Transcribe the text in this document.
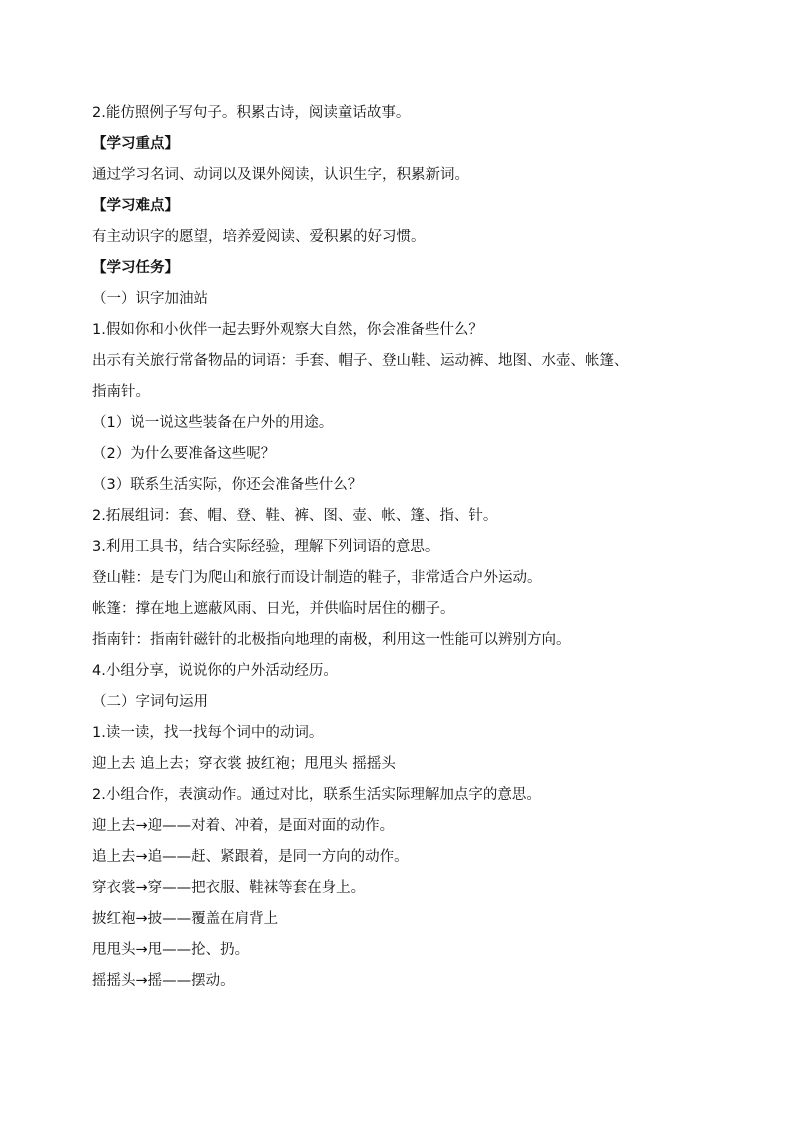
2.能仿照例子写句子。积累古诗，阅读童话故事。
【学习重点】
通过学习名词、动词以及课外阅读，认识生字，积累新词。
【学习难点】
有主动识字的愿望，培养爱阅读、爱积累的好习惯。
【学习任务】
（一）识字加油站
1.假如你和小伙伴一起去野外观察大自然，你会准备些什么？
出示有关旅行常备物品的词语：手套、帽子、登山鞋、运动裤、地图、水壶、帐篷、
指南针。
（1）说一说这些装备在户外的用途。
（2）为什么要准备这些呢？
（3）联系生活实际，你还会准备些什么？
2.拓展组词：套、帽、登、鞋、裤、图、壶、帐、篷、指、针。
3.利用工具书，结合实际经验，理解下列词语的意思。
登山鞋：是专门为爬山和旅行而设计制造的鞋子，非常适合户外运动。
帐篷：撑在地上遮蔽风雨、日光，并供临时居住的棚子。
指南针：指南针磁针的北极指向地理的南极，利用这一性能可以辨别方向。
4.小组分享，说说你的户外活动经历。
（二）字词句运用
1.读一读，找一找每个词中的动词。
迎上去 追上去；穿衣裳 披红袍；甩甩头 摇摇头
2.小组合作，表演动作。通过对比，联系生活实际理解加点字的意思。
迎上去→迎——对着、冲着，是面对面的动作。
追上去→追——赶、紧跟着，是同一方向的动作。
穿衣裳→穿——把衣服、鞋袜等套在身上。
披红袍→披——覆盖在肩背上
甩甩头→甩——抡、扔。
摇摇头→摇——摆动。
